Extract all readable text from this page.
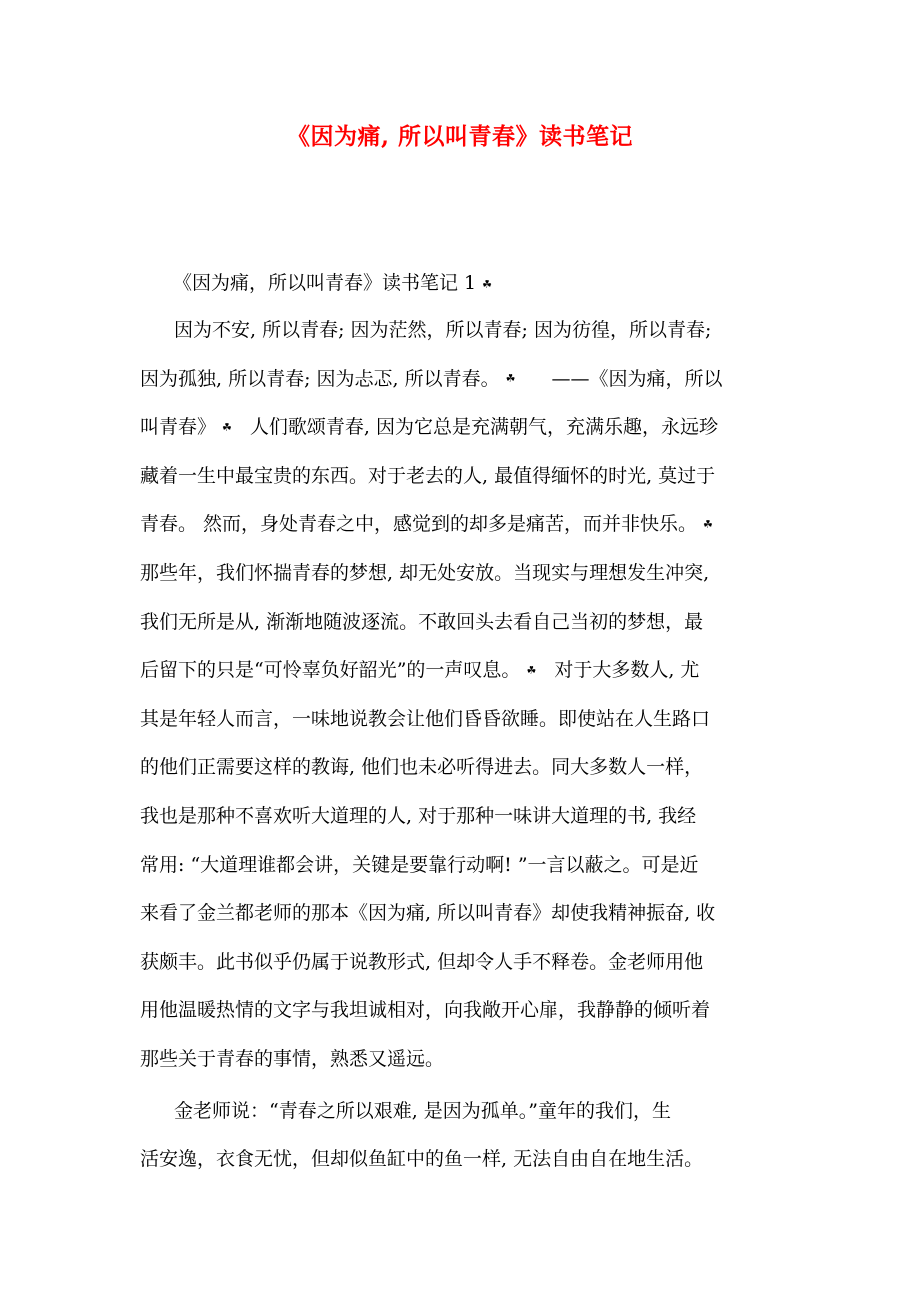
《因为痛, 所以叫青春》读书笔记
《因为痛，所以叫青春》读书笔记 1 ☘
因为不安, 所以青春; 因为茫然，所以青春; 因为彷徨，所以青春;
因为孤独, 所以青春; 因为忐忑, 所以青春。 ☘ ——《因为痛，所以
叫青春》 ☘ 人们歌颂青春, 因为它总是充满朝气，充满乐趣，永远珍
藏着一生中最宝贵的东西。对于老去的人, 最值得缅怀的时光, 莫过于
青春。 然而，身处青春之中，感觉到的却多是痛苦，而并非快乐。 ☘
那些年，我们怀揣青春的梦想, 却无处安放。当现实与理想发生冲突,
我们无所是从, 渐渐地随波逐流。不敢回头去看自己当初的梦想，最
后留下的只是“可怜辜负好韶光”的一声叹息。 ☘ 对于大多数人, 尤
其是年轻人而言，一味地说教会让他们昏昏欲睡。即使站在人生路口
的他们正需要这样的教诲, 他们也未必听得进去。同大多数人一样，
我也是那种不喜欢听大道理的人, 对于那种一味讲大道理的书, 我经
常用: “大道理谁都会讲，关键是要靠行动啊! ”一言以蔽之。可是近
来看了金兰都老师的那本《因为痛, 所以叫青春》却使我精神振奋, 收
获颇丰。此书似乎仍属于说教形式, 但却令人手不释卷。金老师用他
用他温暖热情的文字与我坦诚相对，向我敞开心扉，我静静的倾听着
那些关于青春的事情，熟悉又遥远。
金老师说：“青春之所以艰难, 是因为孤单。”童年的我们，生
活安逸，衣食无忧，但却似鱼缸中的鱼一样, 无法自由自在地生活。
